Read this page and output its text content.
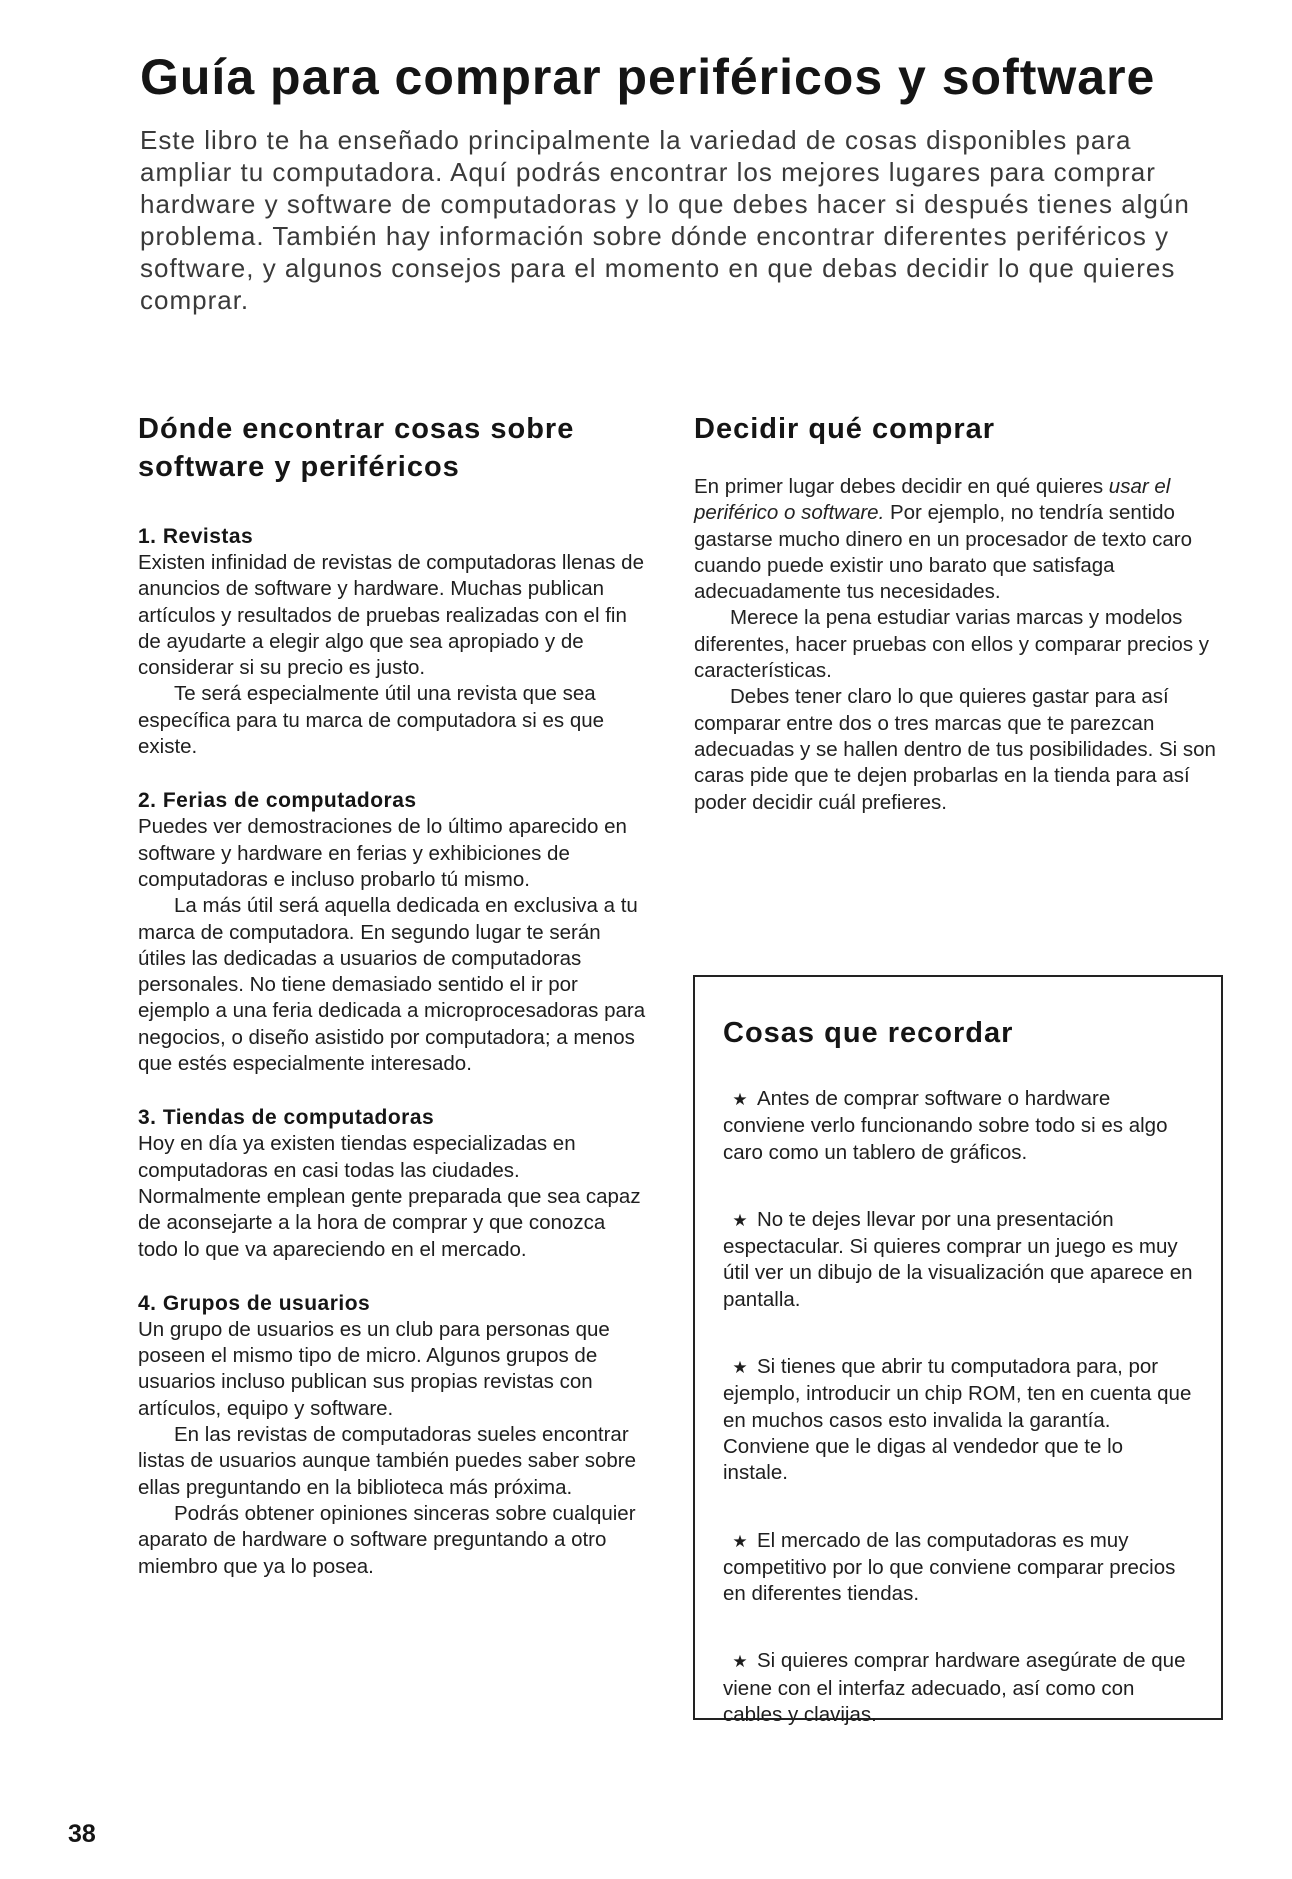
Guía para comprar periféricos y software

Este libro te ha enseñado principalmente la variedad de cosas disponibles para ampliar tu computadora. Aquí podrás encontrar los mejores lugares para comprar hardware y software de computadoras y lo que debes hacer si después tienes algún problema. También hay información sobre dónde encontrar diferentes periféricos y software, y algunos consejos para el momento en que debas decidir lo que quieres comprar.

Dónde encontrar cosas sobre software y periféricos
1. Revistas

Existen infinidad de revistas de computadoras llenas de anuncios de software y hardware. Muchas publican artículos y resultados de pruebas realizadas con el fin de ayudarte a elegir algo que sea apropiado y de considerar si su precio es justo.

Te será especialmente útil una revista que sea específica para tu marca de computadora si es que existe.

2. Ferias de computadoras

Puedes ver demostraciones de lo último aparecido en software y hardware en ferias y exhibiciones de computadoras e incluso probarlo tú mismo.

La más útil será aquella dedicada en exclusiva a tu marca de computadora. En segundo lugar te serán útiles las dedicadas a usuarios de computadoras personales. No tiene demasiado sentido el ir por ejemplo a una feria dedicada a microprocesadoras para negocios, o diseño asistido por computadora; a menos que estés especialmente interesado.

3. Tiendas de computadoras

Hoy en día ya existen tiendas especializadas en computadoras en casi todas las ciudades. Normalmente emplean gente preparada que sea capaz de aconsejarte a la hora de comprar y que conozca todo lo que va apareciendo en el mercado.

4. Grupos de usuarios

Un grupo de usuarios es un club para personas que poseen el mismo tipo de micro. Algunos grupos de usuarios incluso publican sus propias revistas con artículos, equipo y software.

En las revistas de computadoras sueles encontrar listas de usuarios aunque también puedes saber sobre ellas preguntando en la biblioteca más próxima.

Podrás obtener opiniones sinceras sobre cualquier aparato de hardware o software preguntando a otro miembro que ya lo posea.

Decidir qué comprar

En primer lugar debes decidir en qué quieres usar el periférico o software. Por ejemplo, no tendría sentido gastarse mucho dinero en un procesador de texto caro cuando puede existir uno barato que satisfaga adecuadamente tus necesidades.

Merece la pena estudiar varias marcas y modelos diferentes, hacer pruebas con ellos y comparar precios y características.

Debes tener claro lo que quieres gastar para así comparar entre dos o tres marcas que te parezcan adecuadas y se hallen dentro de tus posibilidades. Si son caras pide que te dejen probarlas en la tienda para así poder decidir cuál prefieres.

Cosas que recordar

★ Antes de comprar software o hardware conviene verlo funcionando sobre todo si es algo caro como un tablero de gráficos.

★ No te dejes llevar por una presentación espectacular. Si quieres comprar un juego es muy útil ver un dibujo de la visualización que aparece en pantalla.

★ Si tienes que abrir tu computadora para, por ejemplo, introducir un chip ROM, ten en cuenta que en muchos casos esto invalida la garantía. Conviene que le digas al vendedor que te lo instale.

★ El mercado de las computadoras es muy competitivo por lo que conviene comparar precios en diferentes tiendas.

★ Si quieres comprar hardware asegúrate de que viene con el interfaz adecuado, así como con cables y clavijas.

38
